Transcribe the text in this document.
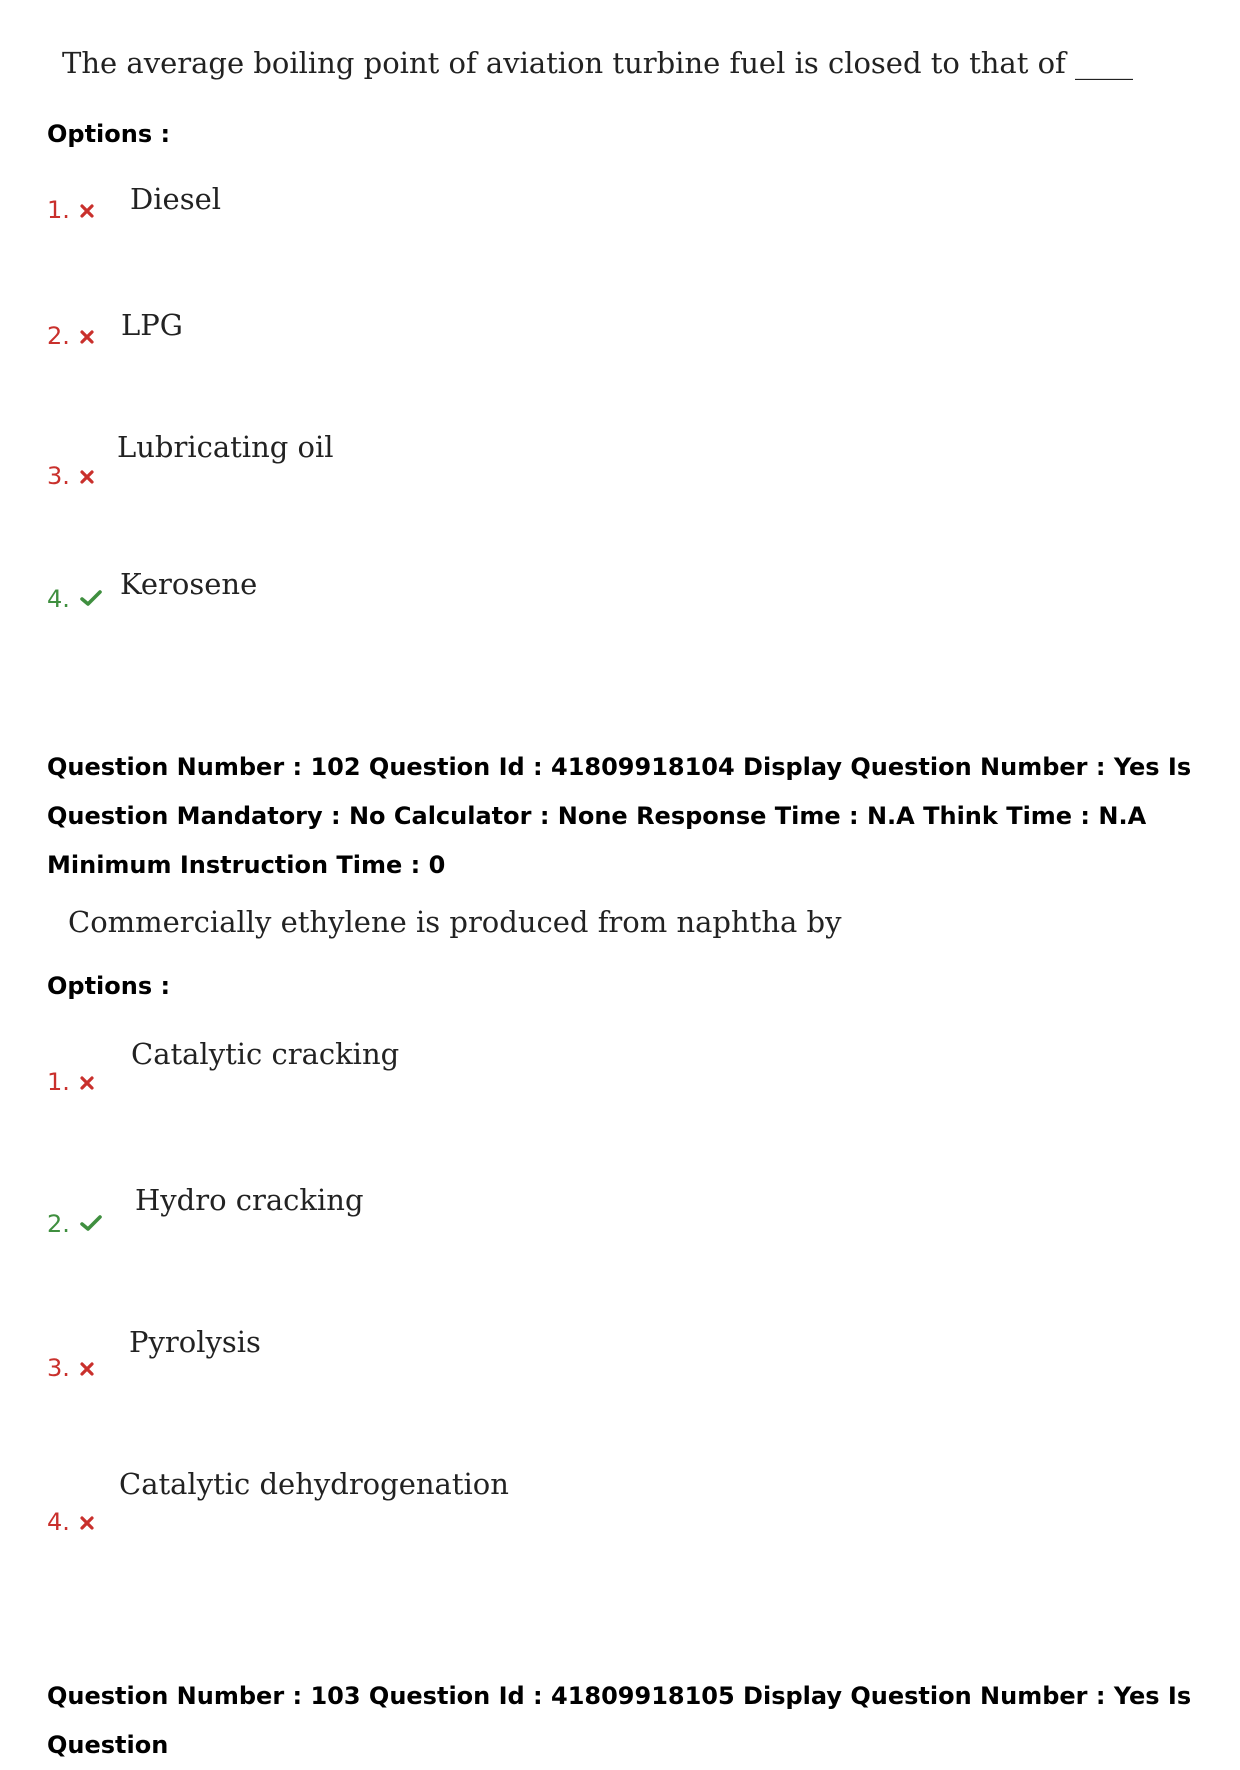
The average boiling point of aviation turbine fuel is closed to that of ____
Options :
1. Diesel
2. LPG
3.
Lubricating oil
4. Kerosene
Question Number : 102 Question Id : 41809918104 Display Question Number : Yes Is Question Mandatory : No Calculator : None Response Time : N.A Think Time : N.A Minimum Instruction Time : 0
Commercially ethylene is produced from naphtha by
Options :
1.
Catalytic cracking
2.
Hydro cracking
3.
Pyrolysis
4.
Catalytic dehydrogenation
Question Number : 103 Question Id : 41809918105 Display Question Number : Yes Is Question
